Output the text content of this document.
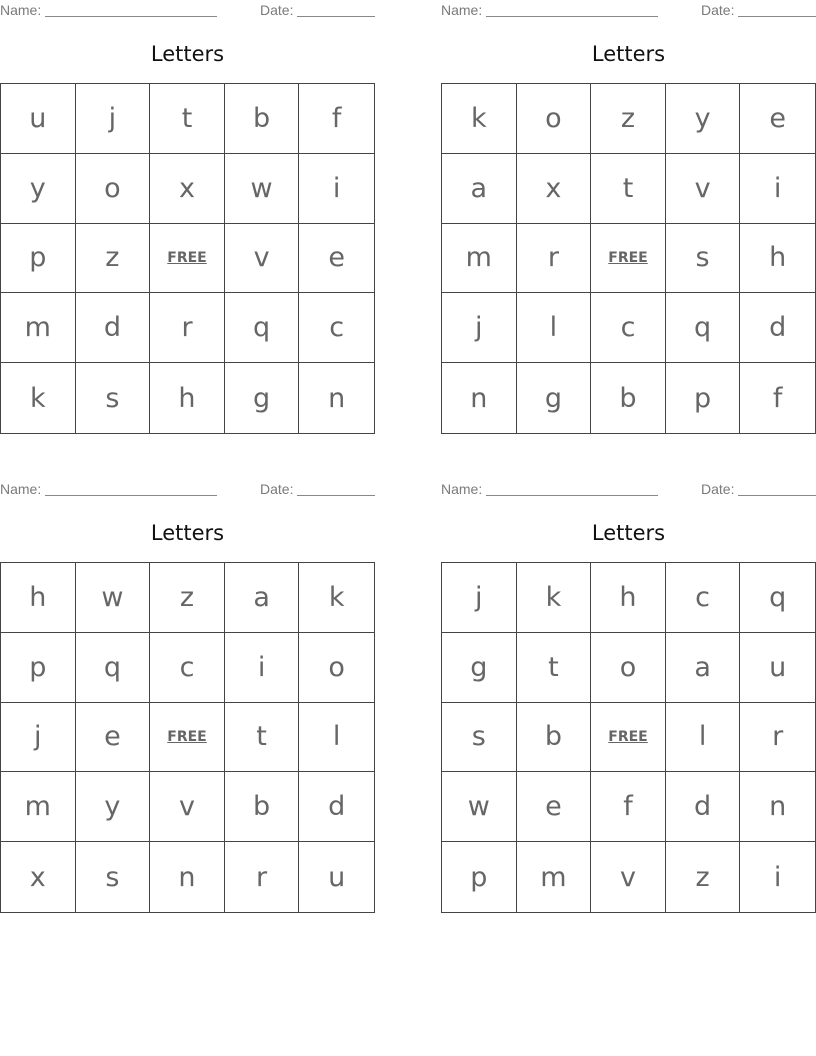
Name:	Date:
Letters
u	j	t	b	f
y	o	x	w	i
p	z	FREE	v	e
m	d	r	q	c
k	s	h	g	n
Name:	Date:
Letters
k	o	z	y	e
a	x	t	v	i
m	r	FREE	s	h
j	l	c	q	d
n	g	b	p	f
Name:	Date:
Letters
h	w	z	a	k
p	q	c	i	o
j	e	FREE	t	l
m	y	v	b	d
x	s	n	r	u
Name:	Date:
Letters
j	k	h	c	q
g	t	o	a	u
s	b	FREE	l	r
w	e	f	d	n
p	m	v	z	i
